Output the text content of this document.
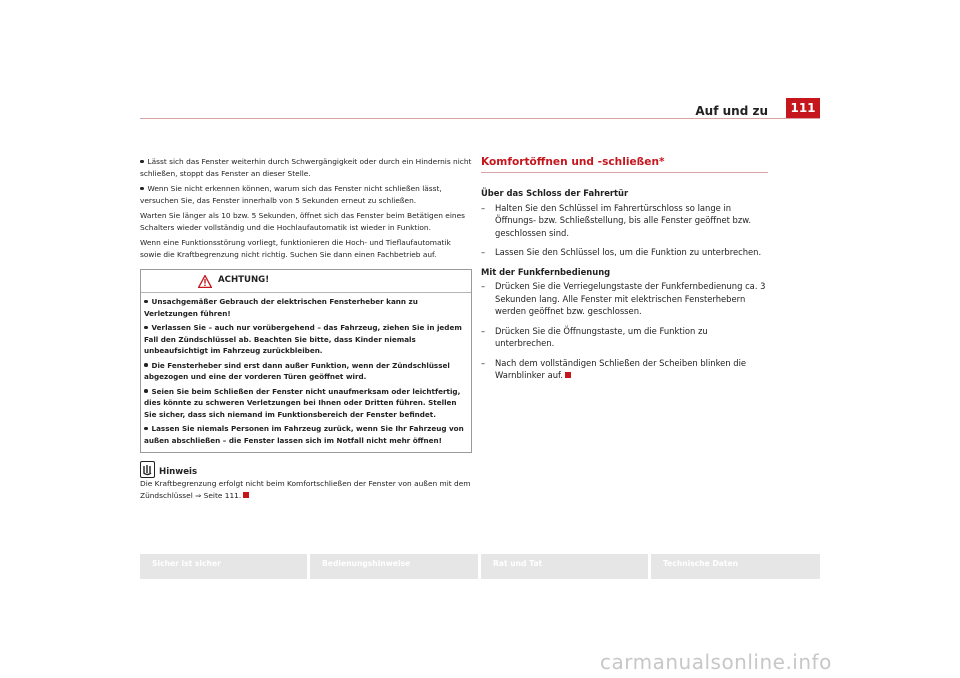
Auf und zu	111

Lässt sich das Fenster weiterhin durch Schwergängigkeit oder durch ein Hindernis nicht schließen, stoppt das Fenster an dieser Stelle.

Wenn Sie nicht erkennen können, warum sich das Fenster nicht schließen lässt, versuchen Sie, das Fenster innerhalb von 5 Sekunden erneut zu schließen.

Warten Sie länger als 10 bzw. 5 Sekunden, öffnet sich das Fenster beim Betätigen eines Schalters wieder vollständig und die Hochlaufautomatik ist wieder in Funktion.

Wenn eine Funktionsstörung vorliegt, funktionieren die Hoch- und Tieflaufautomatik sowie die Kraftbegrenzung nicht richtig. Suchen Sie dann einen Fachbetrieb auf.

ACHTUNG!

Unsachgemäßer Gebrauch der elektrischen Fensterheber kann zu Verletzungen führen!

Verlassen Sie – auch nur vorübergehend – das Fahrzeug, ziehen Sie in jedem Fall den Zündschlüssel ab. Beachten Sie bitte, dass Kinder niemals unbeaufsichtigt im Fahrzeug zurückbleiben.

Die Fensterheber sind erst dann außer Funktion, wenn der Zündschlüssel abgezogen und eine der vorderen Türen geöffnet wird.

Seien Sie beim Schließen der Fenster nicht unaufmerksam oder leichtfertig, dies könnte zu schweren Verletzungen bei Ihnen oder Dritten führen. Stellen Sie sicher, dass sich niemand im Funktionsbereich der Fenster befindet.

Lassen Sie niemals Personen im Fahrzeug zurück, wenn Sie Ihr Fahrzeug von außen abschließen – die Fenster lassen sich im Notfall nicht mehr öffnen!

Hinweis

Die Kraftbegrenzung erfolgt nicht beim Komfortschließen der Fenster von außen mit dem Zündschlüssel ⇒ Seite 111.

Komfortöffnen und -schließen*
Über das Schloss der Fahrertür
–	Halten Sie den Schlüssel im Fahrertürschloss so lange in Öffnungs- bzw. Schließstellung, bis alle Fenster geöffnet bzw. geschlossen sind.
–	Lassen Sie den Schlüssel los, um die Funktion zu unterbrechen.
Mit der Funkfernbedienung
–	Drücken Sie die Verriegelungstaste der Funkfernbedienung ca. 3 Sekunden lang. Alle Fenster mit elektrischen Fensterhebern werden geöffnet bzw. geschlossen.
–	Drücken Sie die Öffnungstaste, um die Funktion zu unterbrechen.
–	Nach dem vollständigen Schließen der Scheiben blinken die Warnblinker auf.
Sicher ist sicher	Bedienungshinweise	Rat und Tat	Technische Daten
carmanualsonline.info
